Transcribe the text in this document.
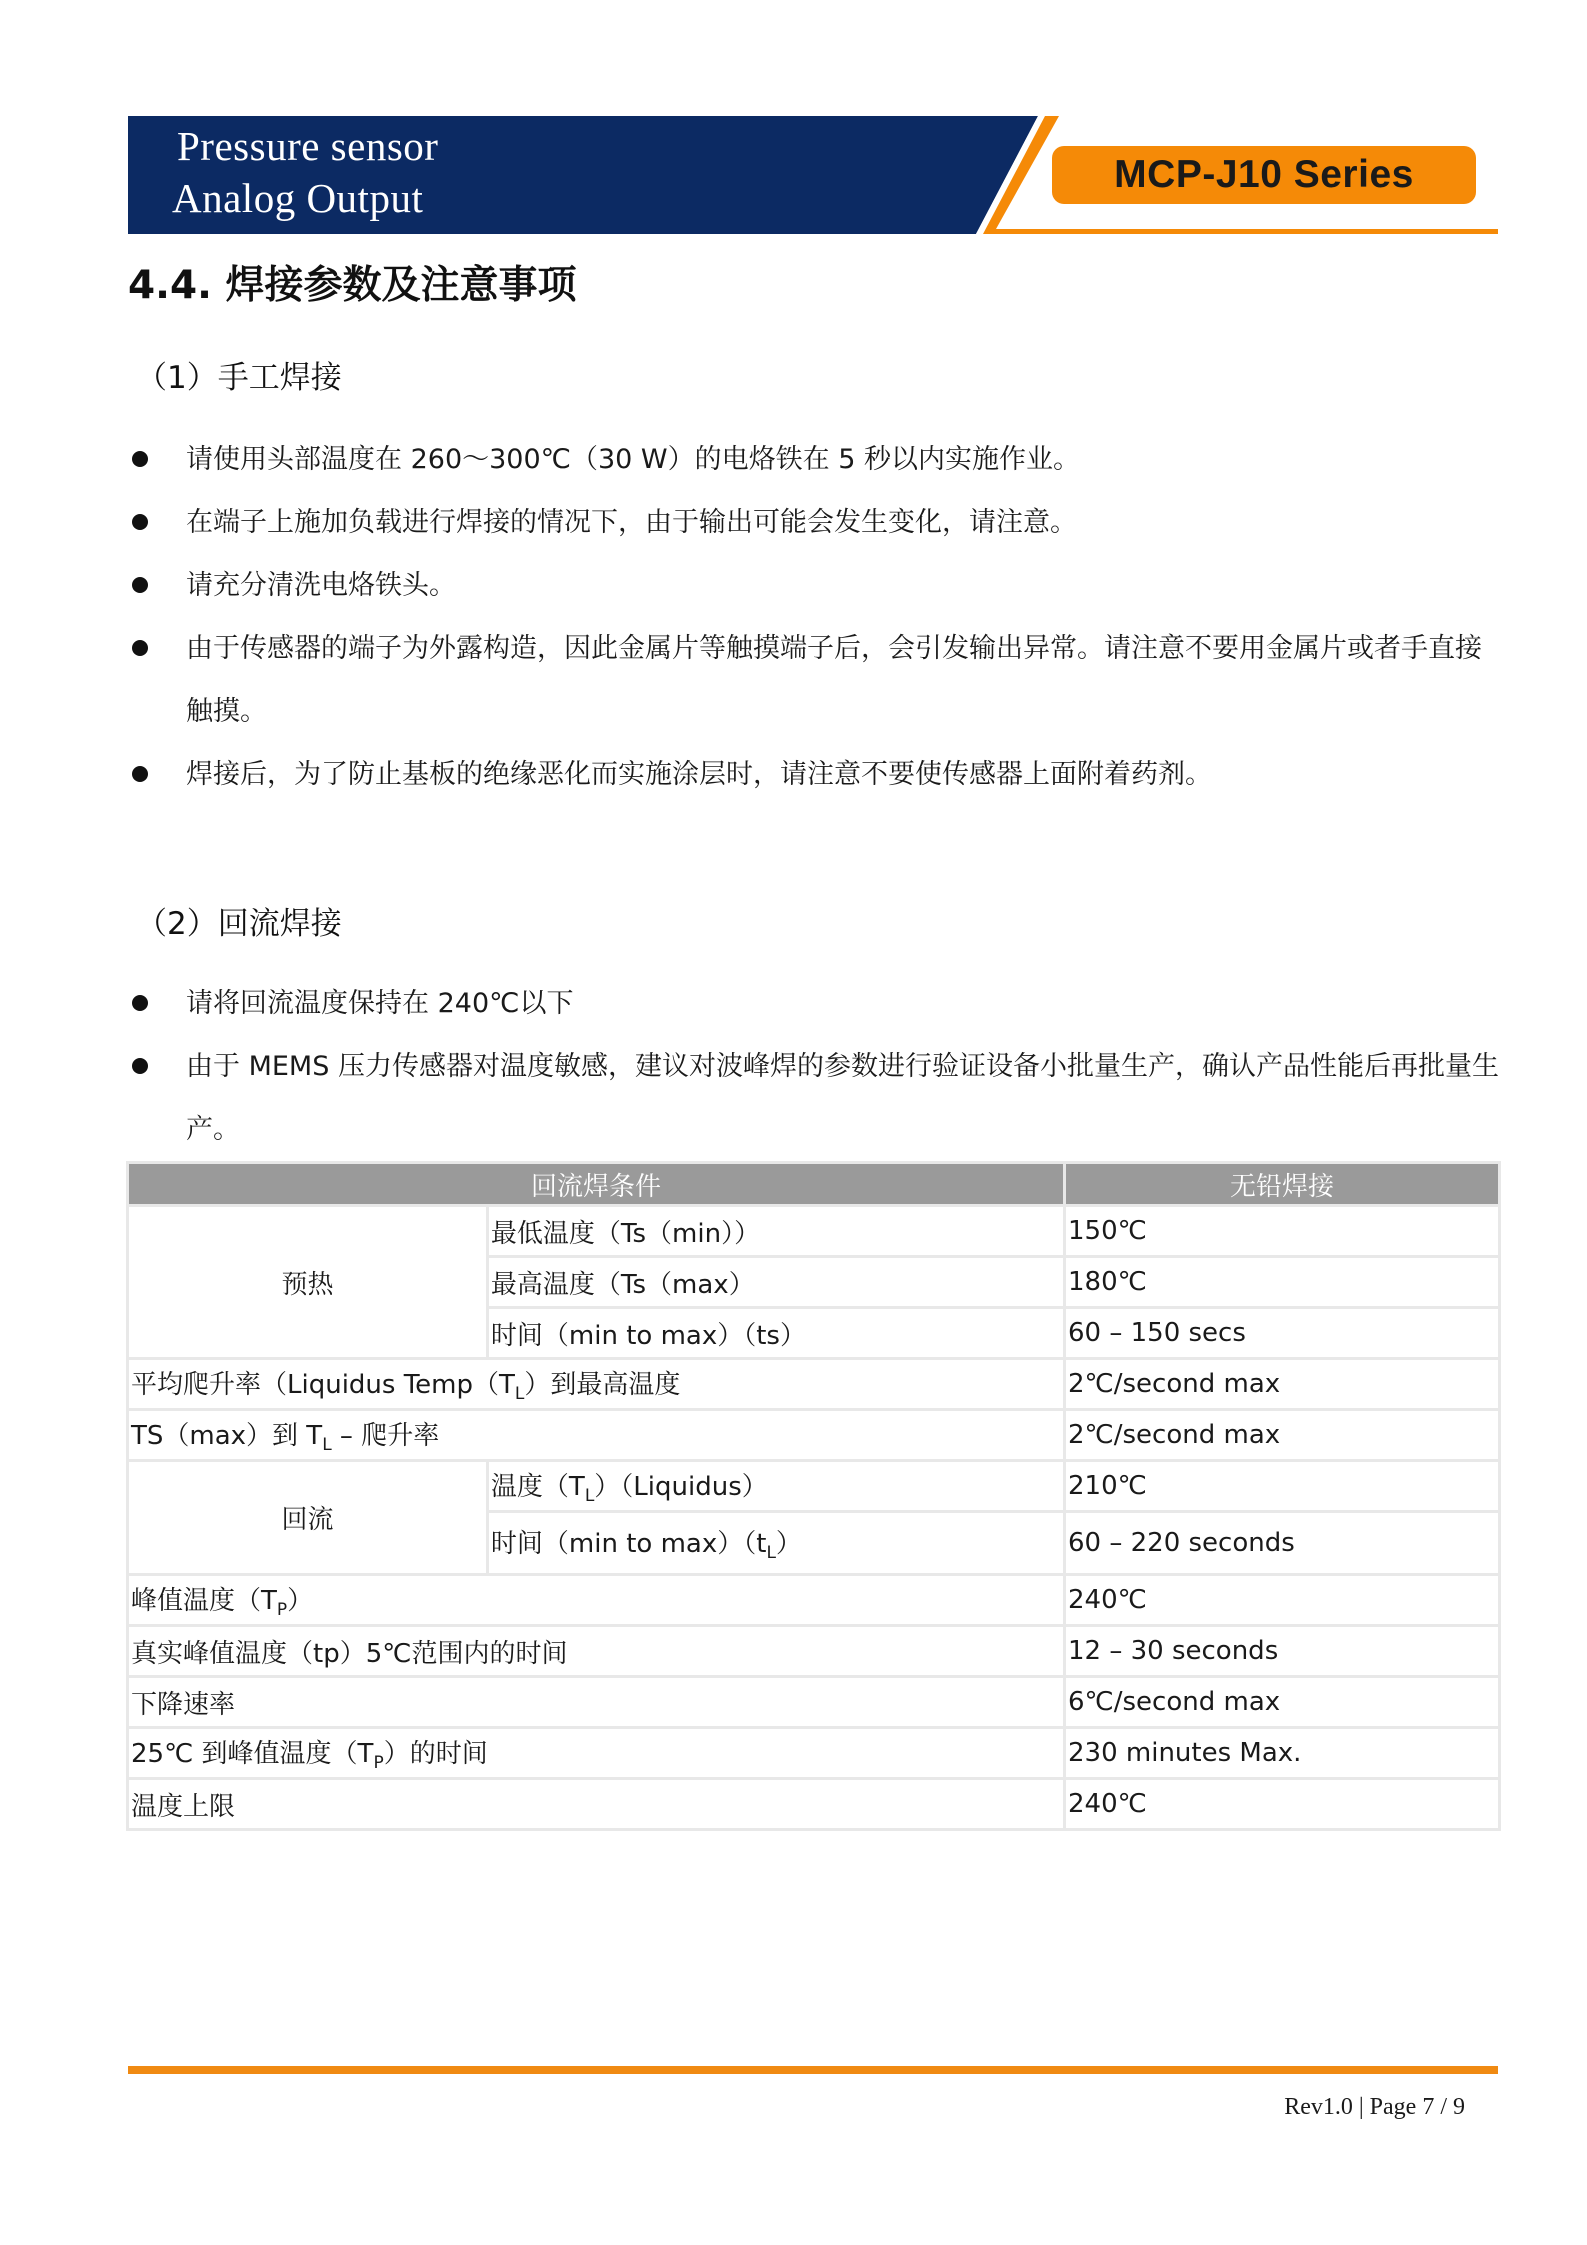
Pressure sensor
Analog Output
MCP-J10 Series
4.4. 焊接参数及注意事项
（1）手工焊接
请使用头部温度在 260～300℃（30 W）的电烙铁在 5 秒以内实施作业。
在端子上施加负载进行焊接的情况下，由于输出可能会发生变化，请注意。
请充分清洗电烙铁头。
由于传感器的端子为外露构造，因此金属片等触摸端子后，会引发输出异常。请注意不要用金属片或者手直接触摸。
焊接后，为了防止基板的绝缘恶化而实施涂层时，请注意不要使传感器上面附着药剂。
（2）回流焊接
请将回流温度保持在 240℃以下
由于 MEMS 压力传感器对温度敏感，建议对波峰焊的参数进行验证设备小批量生产，确认产品性能后再批量生产。
回流焊条件		无铅焊接
预热	最低温度（Ts（min））	150℃
	最高温度（Ts（max）	180℃
	时间（min to max）（ts）	60 – 150 secs
平均爬升率（Liquidus $Temp(T_L)$到最高温度		2℃/second max
TS（max）到 $T_L$ – 爬升率		2℃/second max
回流	温度$(T_L)(Liquidus)$	210℃
	时间（min to $\max)(t_L)$	60 – 220 seconds
峰值温度$(T_P)$		240℃
真实峰值温度（tp）5℃范围内的时间		12 – 30 seconds
下降速率		6℃/second max
25℃ 到峰值温度$(T_P)$的时间		230 minutes Max.
温度上限		240℃
Rev1.0 | Page 7 / 9
